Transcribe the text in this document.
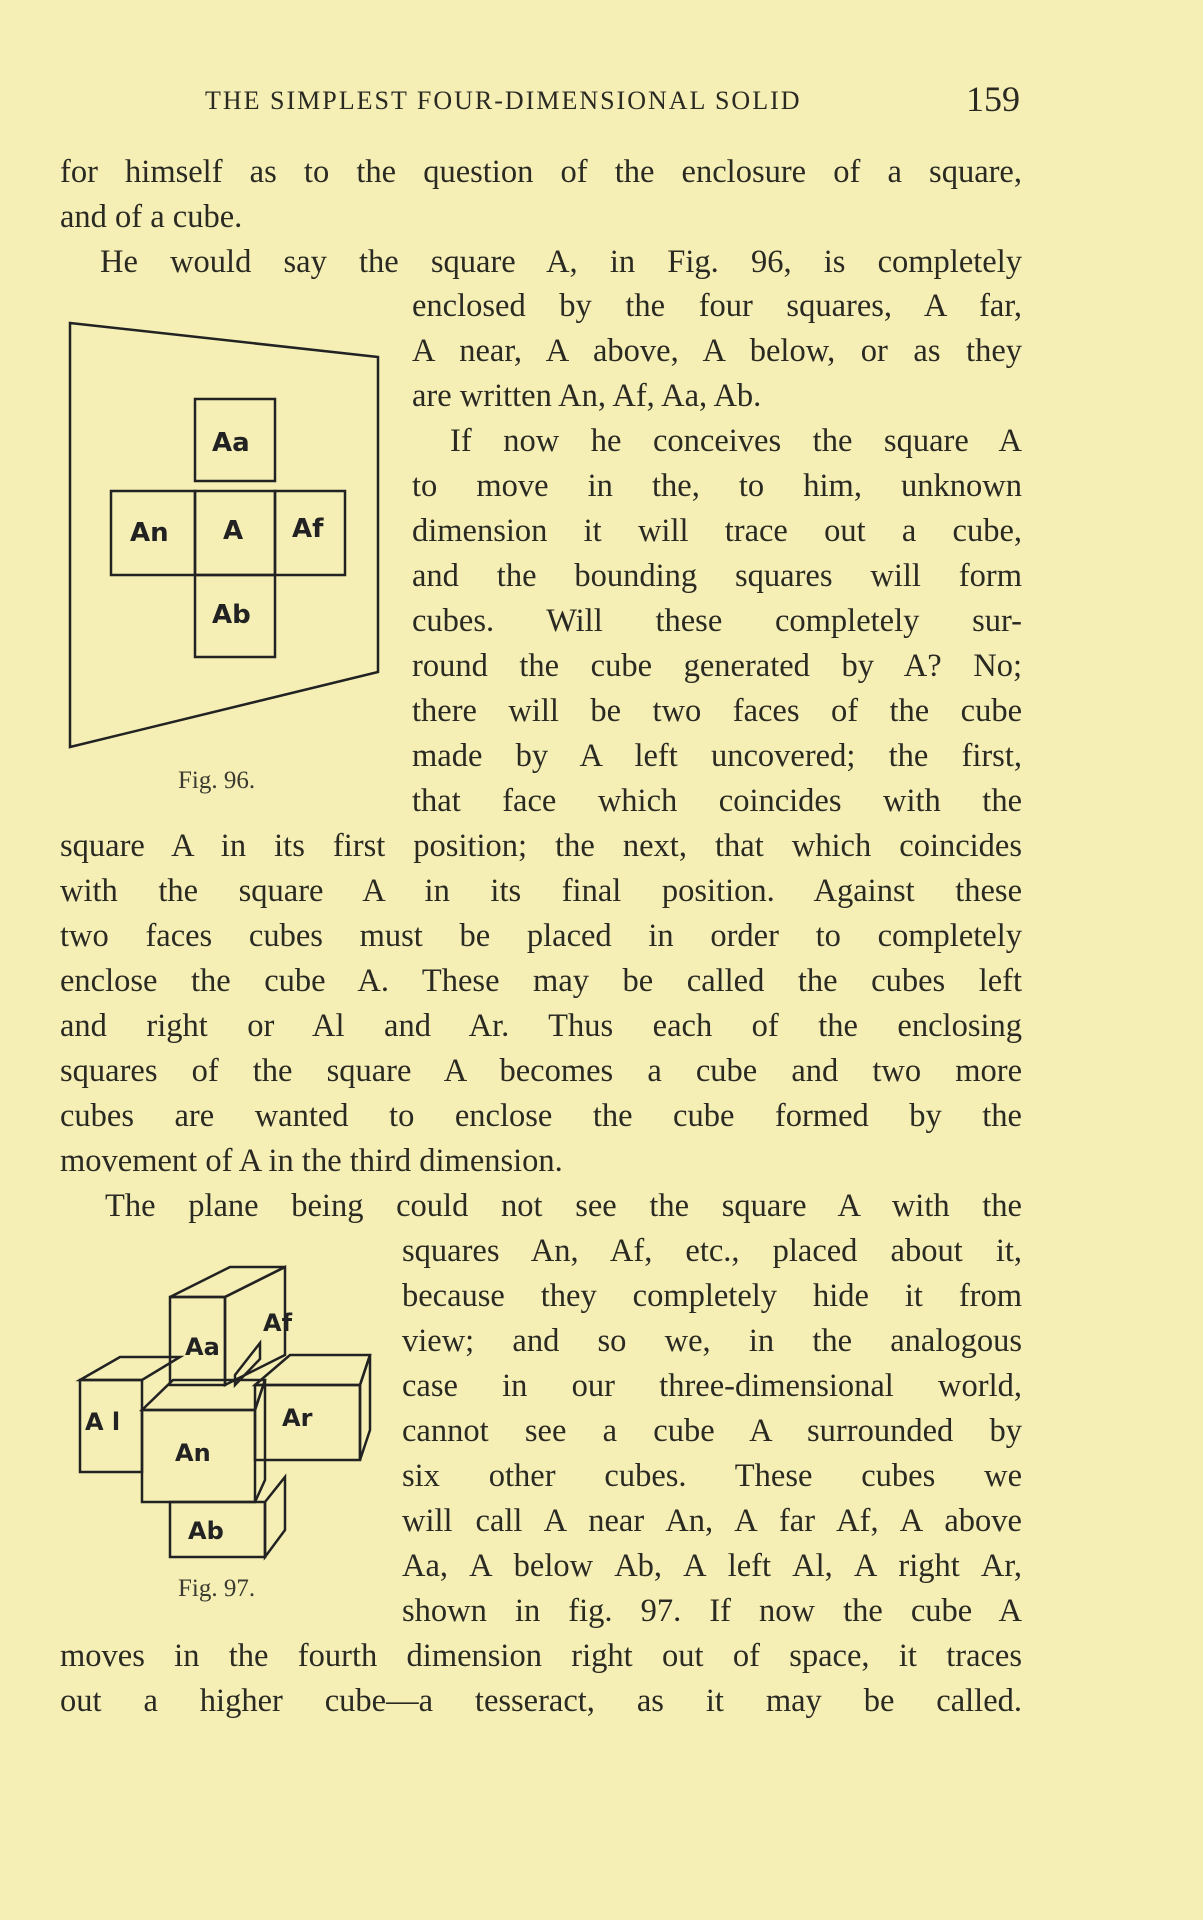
THE SIMPLEST FOUR-DIMENSIONAL SOLID	159
Aa
An A Af
Ab
Fig. 96.
Aa
Af
A l
An
Ar
Ab
Fig. 97.
for himself as to the question of the enclosure of a square,
and of a cube.
He would say the square A, in Fig. 96, is completely
enclosed by the four squares, A far,
A near, A above, A below, or as they
are written An, Af, Aa, Ab.
If now he conceives the square A
to move in the, to him, unknown
dimension it will trace out a cube,
and the bounding squares will form
cubes. Will these completely sur-
round the cube generated by A? No;
there will be two faces of the cube
made by A left uncovered; the first,
that face which coincides with the
square A in its first position; the next, that which coincides
with the square A in its final position. Against these
two faces cubes must be placed in order to completely
enclose the cube A. These may be called the cubes left
and right or Al and Ar. Thus each of the enclosing
squares of the square A becomes a cube and two more
cubes are wanted to enclose the cube formed by the
movement of A in the third dimension.
The plane being could not see the square A with the
squares An, Af, etc., placed about it,
because they completely hide it from
view; and so we, in the analogous
case in our three-dimensional world,
cannot see a cube A surrounded by
six other cubes. These cubes we
will call A near An, A far Af, A above
Aa, A below Ab, A left Al, A right Ar,
shown in fig. 97. If now the cube A
moves in the fourth dimension right out of space, it traces
out a higher cube—a tesseract, as it may be called.
